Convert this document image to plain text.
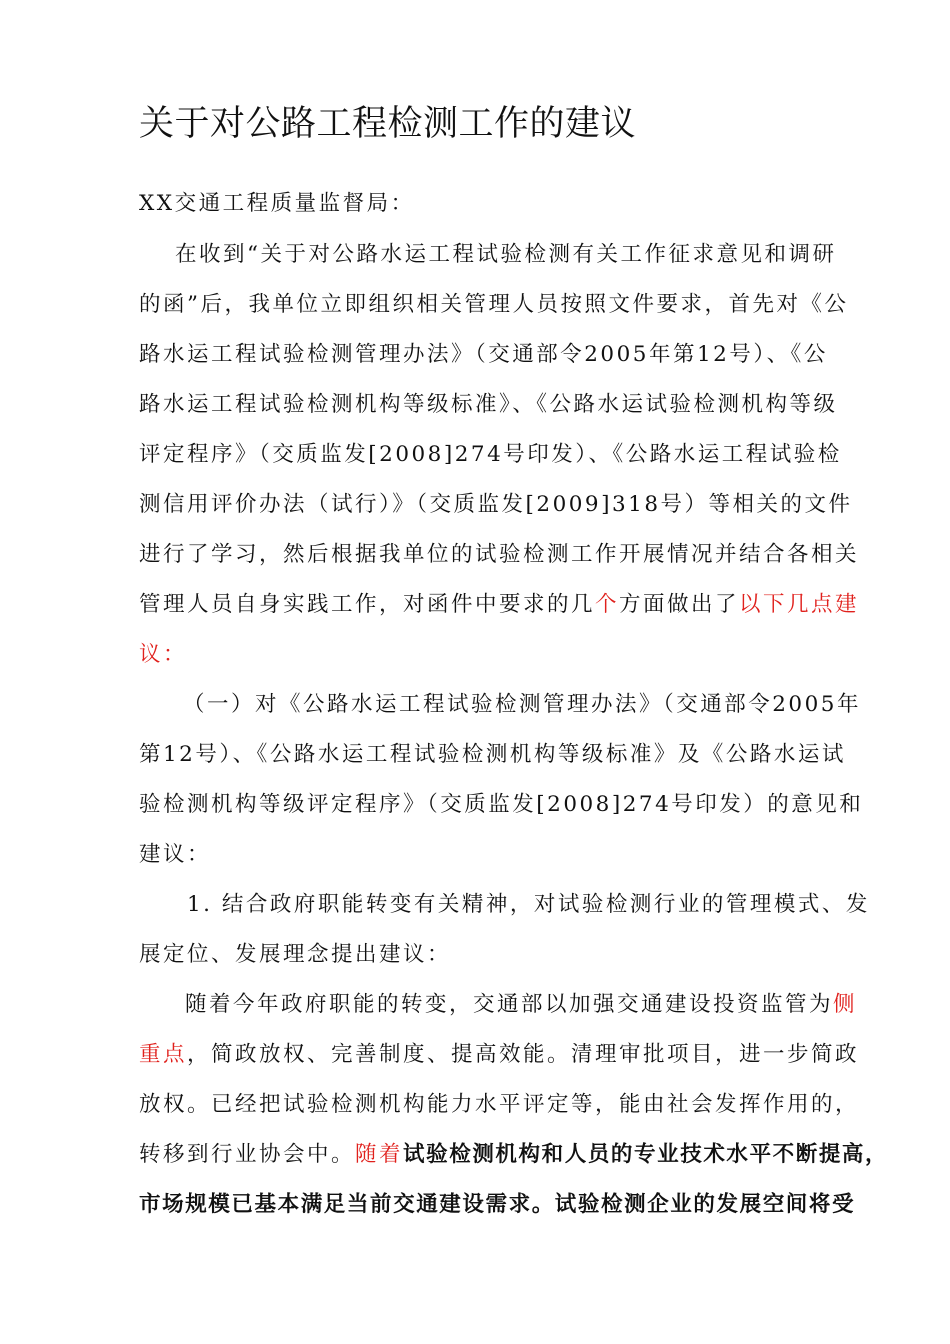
关于对公路工程检测工作的建议
XX交通工程质量监督局：
在收到“关于对公路水运工程试验检测有关工作征求意见和调研
的函”后，我单位立即组织相关管理人员按照文件要求，首先对《公
路水运工程试验检测管理办法》（交通部令2005年第12号）、《公
路水运工程试验检测机构等级标准》、《公路水运试验检测机构等级
评定程序》（交质监发[2008]274号印发）、《公路水运工程试验检
测信用评价办法（试行）》（交质监发[2009]318号）等相关的文件
进行了学习，然后根据我单位的试验检测工作开展情况并结合各相关
管理人员自身实践工作，对函件中要求的几个方面做出了以下几点建
议：
（一）对《公路水运工程试验检测管理办法》（交通部令2005年
第12号）、《公路水运工程试验检测机构等级标准》及《公路水运试
验检测机构等级评定程序》（交质监发[2008]274号印发）的意见和
建议：
1. 结合政府职能转变有关精神，对试验检测行业的管理模式、发
展定位、发展理念提出建议：
随着今年政府职能的转变，交通部以加强交通建设投资监管为侧
重点，简政放权、完善制度、提高效能。清理审批项目，进一步简政
放权。已经把试验检测机构能力水平评定等，能由社会发挥作用的，
转移到行业协会中。随着试验检测机构和人员的专业技术水平不断提高，
市场规模已基本满足当前交通建设需求。试验检测企业的发展空间将受
